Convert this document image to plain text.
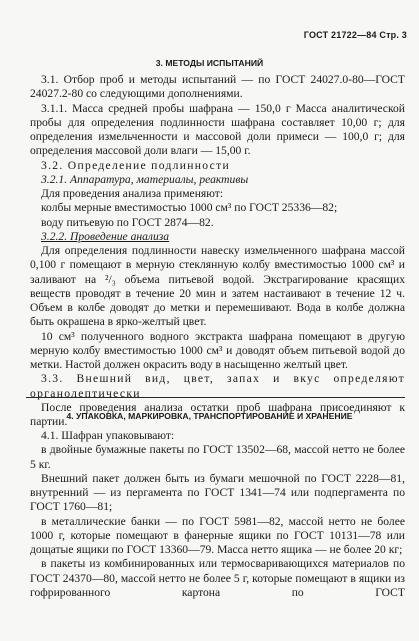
ГОСТ 21722—84 Стр. 3
3. МЕТОДЫ ИСПЫТАНИЙ

3.1. Отбор проб и методы испытаний — по ГОСТ 24027.0-80—ГОСТ 24027.2-80 со следующими дополнениями.

3.1.1. Масса средней пробы шафрана — 150,0 г Масса аналитической пробы для определения подлинности шафрана составляет 10,00 г; для определения измельченности и массовой доли примеси — 100,0 г; для определения массовой доли влаги — 15,00 г.

3.2. Определение подлинности

3.2.1. Аппаратура, материалы, реактивы

Для проведения анализа применяют:

колбы мерные вместимостью 1000 см³ по ГОСТ 25336—82;

воду питьевую по ГОСТ 2874—82.

3.2.2. Проведение анализа

Для определения подлинности навеску измельченного шафрана массой 0,100 г помещают в мерную стеклянную колбу вместимостью 1000 см³ и заливают на ²/₃ объема питьевой водой. Экстрагирование красящих веществ проводят в течение 20 мин и затем настаивают в течение 12 ч. Объем в колбе доводят до метки и перемешивают. Вода в колбе должна быть окрашена в ярко-желтый цвет.

10 см³ полученного водного экстракта шафрана помещают в другую мерную колбу вместимостью 1000 см³ и доводят объем питьевой водой до метки. Настой должен окрасить воду в насыщенно желтый цвет.

3.3. Внешний вид, цвет, запах и вкус определяют органолептически

После проведения анализа остатки проб шафрана присоединяют к партии. 4. УПАКОВКА, МАРКИРОВКА, ТРАНСПОРТИРОВАНИЕ И ХРАНЕНИЕ

4.1. Шафран упаковывают:

в двойные бумажные пакеты по ГОСТ 13502—68, массой нетто не более 5 кг.

Внешний пакет должен быть из бумаги мешочной по ГОСТ 2228—81, внутренний — из пергамента по ГОСТ 1341—74 или подпергамента по ГОСТ 1760—81;

в металлические банки — по ГОСТ 5981—82, массой нетто не более 1000 г, которые помещают в фанерные ящики по ГОСТ 10131—78 или дощатые ящики по ГОСТ 13360—79. Масса нетто ящика — не более 20 кг;

в пакеты из комбинированных или термосваривающихся материалов по ГОСТ 24370—80, массой нетто не более 5 г, которые помещают в ящики из гофрированного картона по ГОСТ
